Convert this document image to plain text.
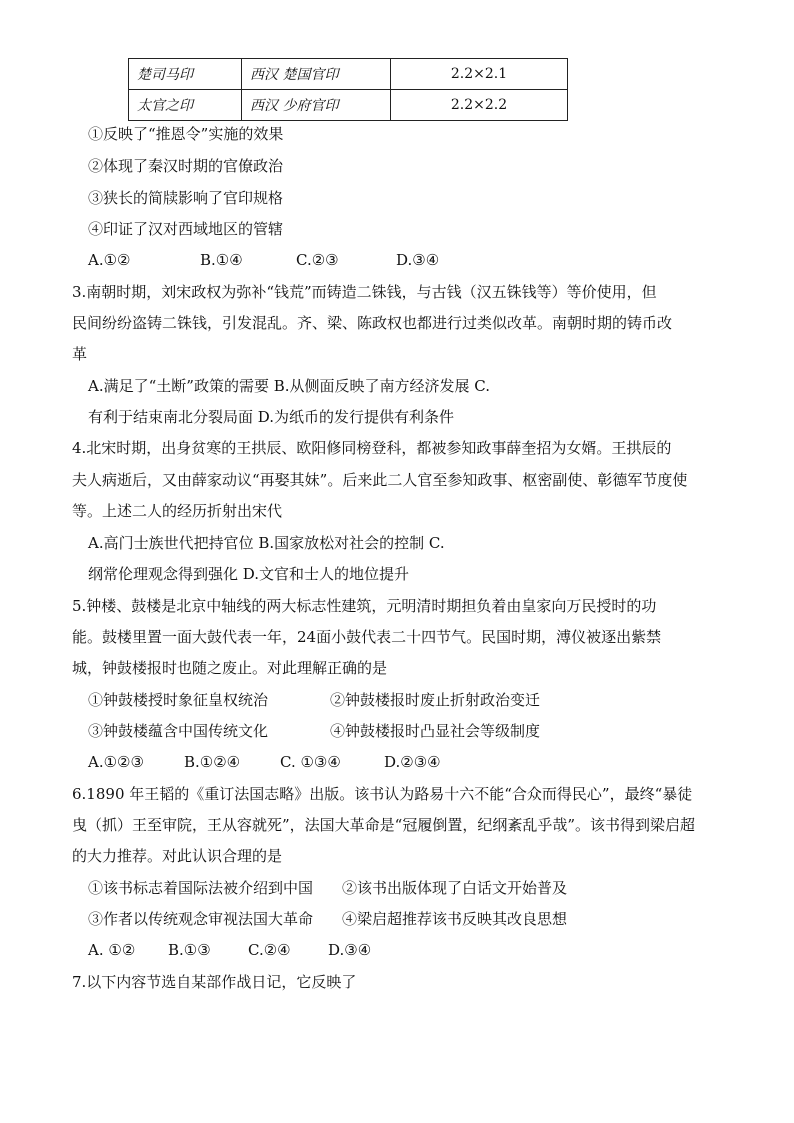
楚司马印	西汉 楚国官印	2.2×2.1
太官之印	西汉 少府官印	2.2×2.2
①反映了“推恩令”实施的效果
②体现了秦汉时期的官僚政治
③狭长的简牍影响了官印规格
④印证了汉对西域地区的管辖
A.①②	B.①④	C.②③	D.③④
3.南朝时期，刘宋政权为弥补“钱荒”而铸造二铢钱，与古钱（汉五铢钱等）等价使用，但
民间纷纷盗铸二铢钱，引发混乱。齐、梁、陈政权也都进行过类似改革。南朝时期的铸币改
革
A.满足了“土断”政策的需要 B.从侧面反映了南方经济发展 C.
有利于结束南北分裂局面 D.为纸币的发行提供有利条件
4.北宋时期，出身贫寒的王拱辰、欧阳修同榜登科，都被参知政事薛奎招为女婿。王拱辰的
夫人病逝后，又由薛家动议“再娶其妹”。后来此二人官至参知政事、枢密副使、彰德军节度使
等。上述二人的经历折射出宋代
A.高门士族世代把持官位 B.国家放松对社会的控制 C.
纲常伦理观念得到强化 D.文官和士人的地位提升
5.钟楼、鼓楼是北京中轴线的两大标志性建筑，元明清时期担负着由皇家向万民授时的功
能。鼓楼里置一面大鼓代表一年，24面小鼓代表二十四节气。民国时期，溥仪被逐出紫禁
城，钟鼓楼报时也随之废止。对此理解正确的是
①钟鼓楼授时象征皇权统治	②钟鼓楼报时废止折射政治变迁
③钟鼓楼蕴含中国传统文化	④钟鼓楼报时凸显社会等级制度
A.①②③	B.①②④	C. ①③④	D.②③④
6.1890 年王韬的《重订法国志略》出版。该书认为路易十六不能“合众而得民心”，最终“暴徒
曳（抓）王至审院，王从容就死”，法国大革命是“冠履倒置，纪纲紊乱乎哉”。该书得到梁启超
的大力推荐。对此认识合理的是
①该书标志着国际法被介绍到中国 ②该书出版体现了白话文开始普及
③作者以传统观念审视法国大革命 ④梁启超推荐该书反映其改良思想
A. ①② B.①③ C.②④ D.③④
7.以下内容节选自某部作战日记，它反映了
